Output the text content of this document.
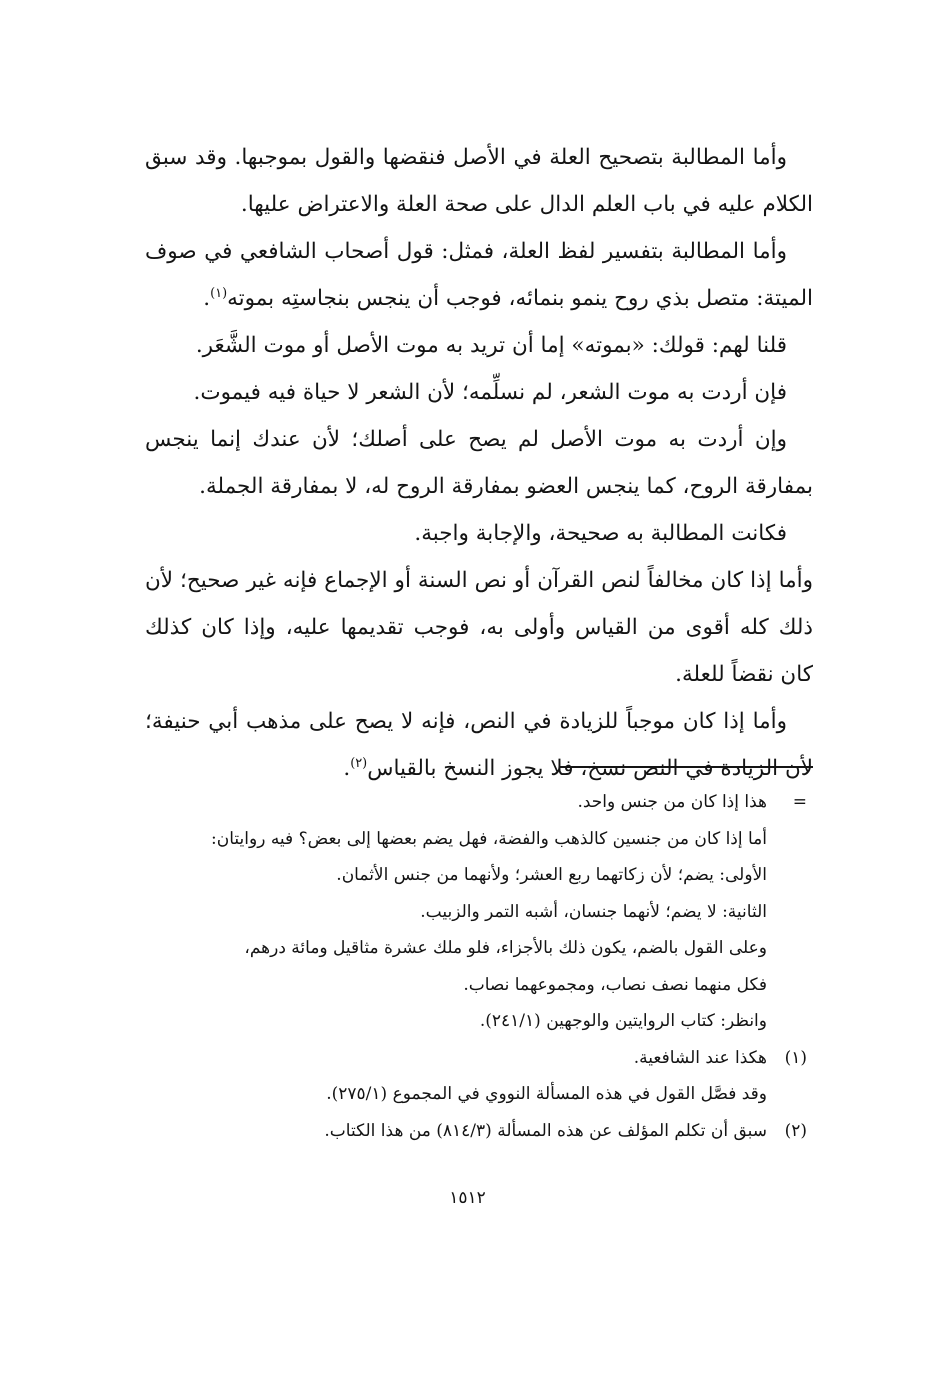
وأما المطالبة بتصحيح العلة في الأصل فنقضها والقول بموجبها. وقد سبق الكلام عليه في باب العلم الدال على صحة العلة والاعتراض عليها.

وأما المطالبة بتفسير لفظ العلة، فمثل: قول أصحاب الشافعي في صوف الميتة: متصل بذي روح ينمو بنمائه، فوجب أن ينجس بنجاستِه بموته$^{(١)}$.

قلنا لهم: قولك: «بموته» إما أن تريد به موت الأصل أو موت الشَّعَر.

فإن أردت به موت الشعر، لم نسلِّمه؛ لأن الشعر لا حياة فيه فيموت.

وإن أردت به موت الأصل لم يصح على أصلك؛ لأن عندك إنما ينجس بمفارقة الروح، كما ينجس العضو بمفارقة الروح له، لا بمفارقة الجملة.

فكانت المطالبة به صحيحة، والإجابة واجبة.

وأما إذا كان مخالفاً لنص القرآن أو نص السنة أو الإجماع فإنه غير صحيح؛ لأن ذلك كله أقوى من القياس وأولى به، فوجب تقديمها عليه، وإذا كان كذلك كان نقضاً للعلة.

وأما إذا كان موجباً للزيادة في النص، فإنه لا يصح على مذهب أبي حنيفة؛ لأن الزيادة في النص نسخ، فلا يجوز النسخ بالقياس$^{(٢)}$.

=
هذا إذا كان من جنس واحد.
أما إذا كان من جنسين كالذهب والفضة، فهل يضم بعضها إلى بعض؟ فيه روايتان:
الأولى: يضم؛ لأن زكاتهما ربع العشر؛ ولأنهما من جنس الأثمان.
الثانية: لا يضم؛ لأنهما جنسان، أشبه التمر والزبيب.
وعلى القول بالضم، يكون ذلك بالأجزاء، فلو ملك عشرة مثاقيل ومائة درهم،
فكل منهما نصف نصاب، ومجموعهما نصاب.
وانظر: كتاب الروايتين والوجهين (٢٤١/١).
(١)
هكذا عند الشافعية.
وقد فصَّل القول في هذه المسألة النووي في المجموع (٢٧٥/١).
(٢)
سبق أن تكلم المؤلف عن هذه المسألة (٨١٤/٣) من هذا الكتاب.
١٥١٢
